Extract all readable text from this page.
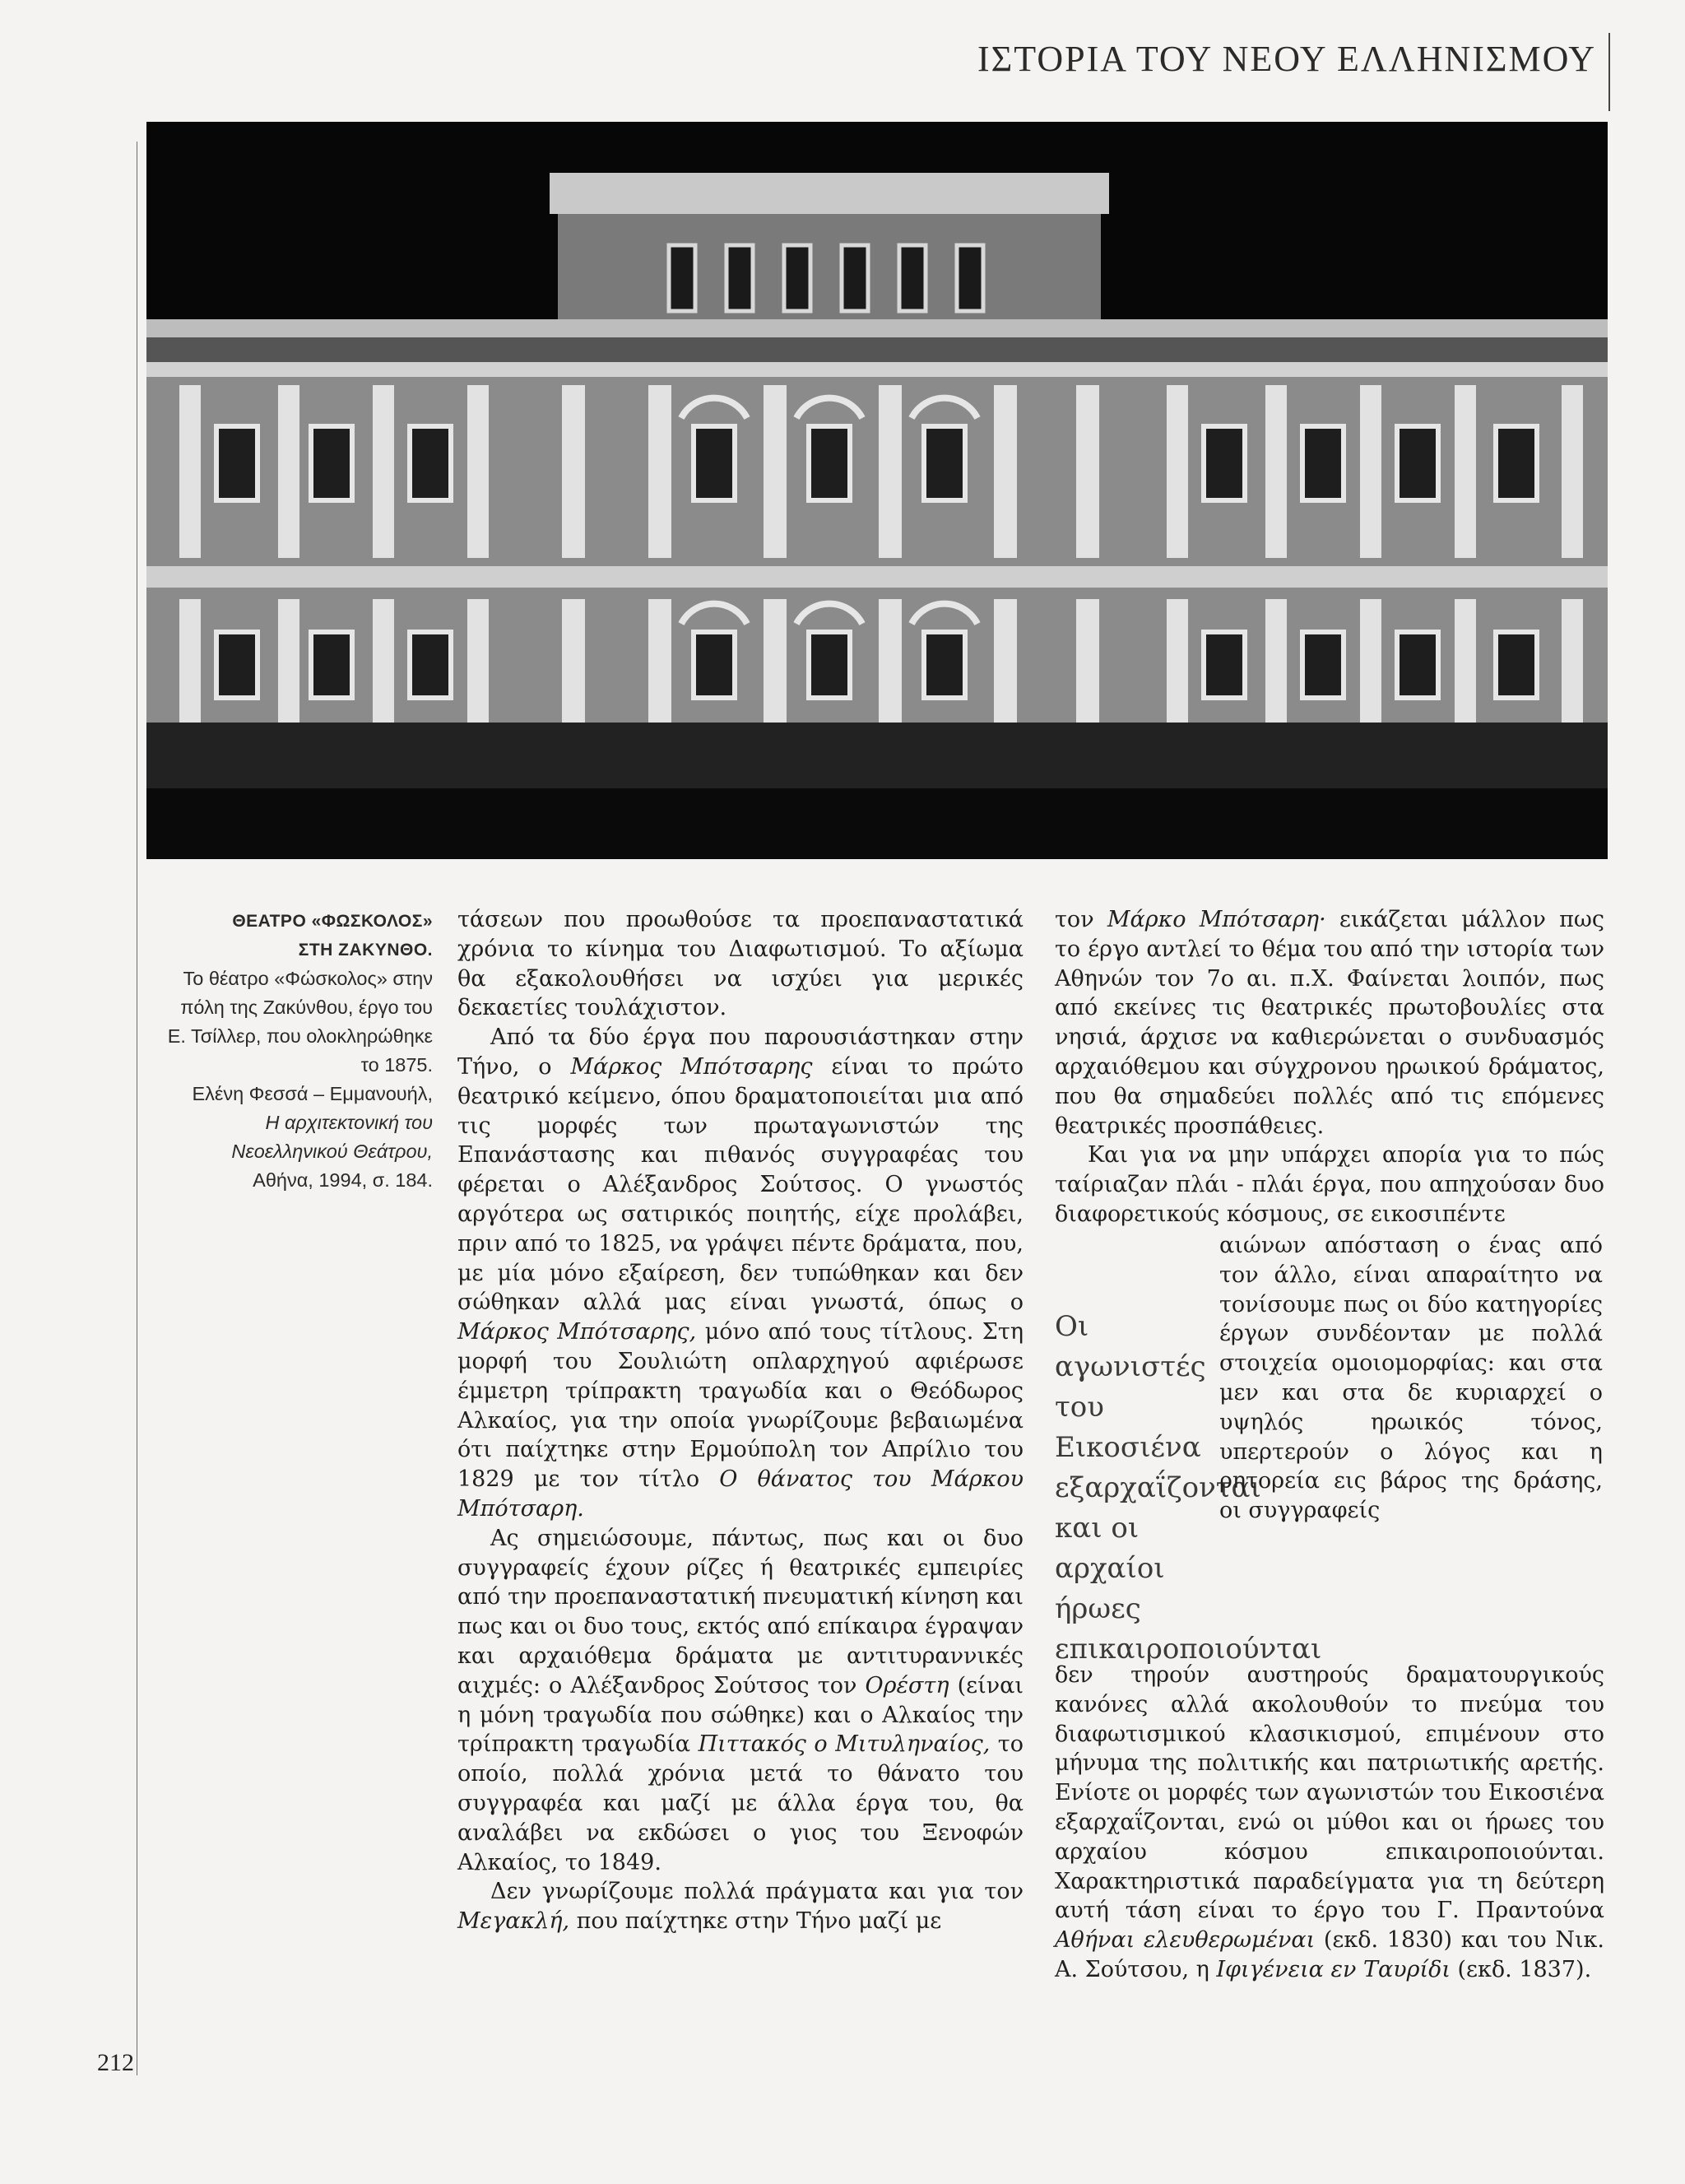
ΙΣΤΟΡΙΑ ΤΟΥ ΝΕΟΥ ΕΛΛΗΝΙΣΜΟΥ
ΘΕΑΤΡΟ «ΦΩΣΚΟΛΟΣ»
ΣΤΗ ΖΑΚΥΝΘΟ.
Το θέατρο «Φώσκολος» στην πόλη της Ζακύνθου, έργο του Ε. Τσίλλερ, που ολοκληρώθηκε το 1875.
Ελένη Φεσσά – Εμμανουήλ,
Η αρχιτεκτονική του Νεοελληνικού Θεάτρου,
Αθήνα, 1994, σ. 184.

τάσεων που προωθούσε τα προεπαναστατικά χρόνια το κίνημα του Διαφωτισμού. Το αξίωμα θα εξακολουθήσει να ισχύει για μερικές δεκαετίες τουλάχιστον.

Από τα δύο έργα που παρουσιάστηκαν στην Τήνο, ο Μάρκος Μπότσαρης είναι το πρώτο θεατρικό κείμενο, όπου δραματοποιείται μια από τις μορφές των πρωταγωνιστών της Επανάστασης και πιθανός συγγραφέας του φέρεται ο Αλέξανδρος Σούτσος. Ο γνωστός αργότερα ως σατιρικός ποιητής, είχε προλάβει, πριν από το 1825, να γράψει πέντε δράματα, που, με μία μόνο εξαίρεση, δεν τυπώθηκαν και δεν σώθηκαν αλλά μας είναι γνωστά, όπως ο Μάρκος Μπότσαρης, μόνο από τους τίτλους. Στη μορφή του Σουλιώτη οπλαρχηγού αφιέρωσε έμμετρη τρίπρακτη τραγωδία και ο Θεόδωρος Αλκαίος, για την οποία γνωρίζουμε βεβαιωμένα ότι παίχτηκε στην Ερμούπολη τον Απρίλιο του 1829 με τον τίτλο Ο θάνατος του Μάρκου Μπότσαρη.

Ας σημειώσουμε, πάντως, πως και οι δυο συγγραφείς έχουν ρίζες ή θεατρικές εμπειρίες από την προεπαναστατική πνευματική κίνηση και πως και οι δυο τους, εκτός από επίκαιρα έγραψαν και αρχαιόθεμα δράματα με αντιτυραννικές αιχμές: ο Αλέξανδρος Σούτσος τον Ορέστη (είναι η μόνη τραγωδία που σώθηκε) και ο Αλκαίος την τρίπρακτη τραγωδία Πιττακός ο Μιτυληναίος, το οποίο, πολλά χρόνια μετά το θάνατο του συγγραφέα και μαζί με άλλα έργα του, θα αναλάβει να εκδώσει ο γιος του Ξενοφών Αλκαίος, το 1849.

Δεν γνωρίζουμε πολλά πράγματα και για τον Μεγακλή, που παίχτηκε στην Τήνο μαζί με

τον Μάρκο Μπότσαρη· εικάζεται μάλλον πως το έργο αντλεί το θέμα του από την ιστορία των Αθηνών τον 7ο αι. π.Χ. Φαίνεται λοιπόν, πως από εκείνες τις θεατρικές πρωτοβουλίες στα νησιά, άρχισε να καθιερώνεται ο συνδυασμός αρχαιόθεμου και σύγχρονου ηρωικού δράματος, που θα σημαδεύει πολλές από τις επόμενες θεατρικές προσπάθειες.

Και για να μην υπάρχει απορία για το πώς ταίριαζαν πλάι - πλάι έργα, που απηχούσαν δυο διαφορετικούς κόσμους, σε εικοσιπέντε

Οι αγωνιστές του Εικοσιένα εξαρχαΐζονται και οι αρχαίοι ήρωες επικαιροποιούνται

αιώνων απόσταση ο ένας από τον άλλο, είναι απαραίτητο να τονίσουμε πως οι δύο κατηγορίες έργων συνδέονταν με πολλά στοιχεία ομοιομορφίας: και στα μεν και στα δε κυριαρχεί ο υψηλός ηρωικός τόνος, υπερτερούν ο λόγος και η ρητορεία εις βάρος της δράσης, οι συγγραφείς

δεν τηρούν αυστηρούς δραματουργικούς κανόνες αλλά ακολουθούν το πνεύμα του διαφωτισμικού κλασικισμού, επιμένουν στο μήνυμα της πολιτικής και πατριωτικής αρετής. Ενίοτε οι μορφές των αγωνιστών του Εικοσιένα εξαρχαΐζονται, ενώ οι μύθοι και οι ήρωες του αρχαίου κόσμου επικαιροποιούνται. Χαρακτηριστικά παραδείγματα για τη δεύτερη αυτή τάση είναι το έργο του Γ. Πραντούνα Αθήναι ελευθερωμέναι (εκδ. 1830) και του Νικ. Α. Σούτσου, η Ιφιγένεια εν Ταυρίδι (εκδ. 1837).

212
